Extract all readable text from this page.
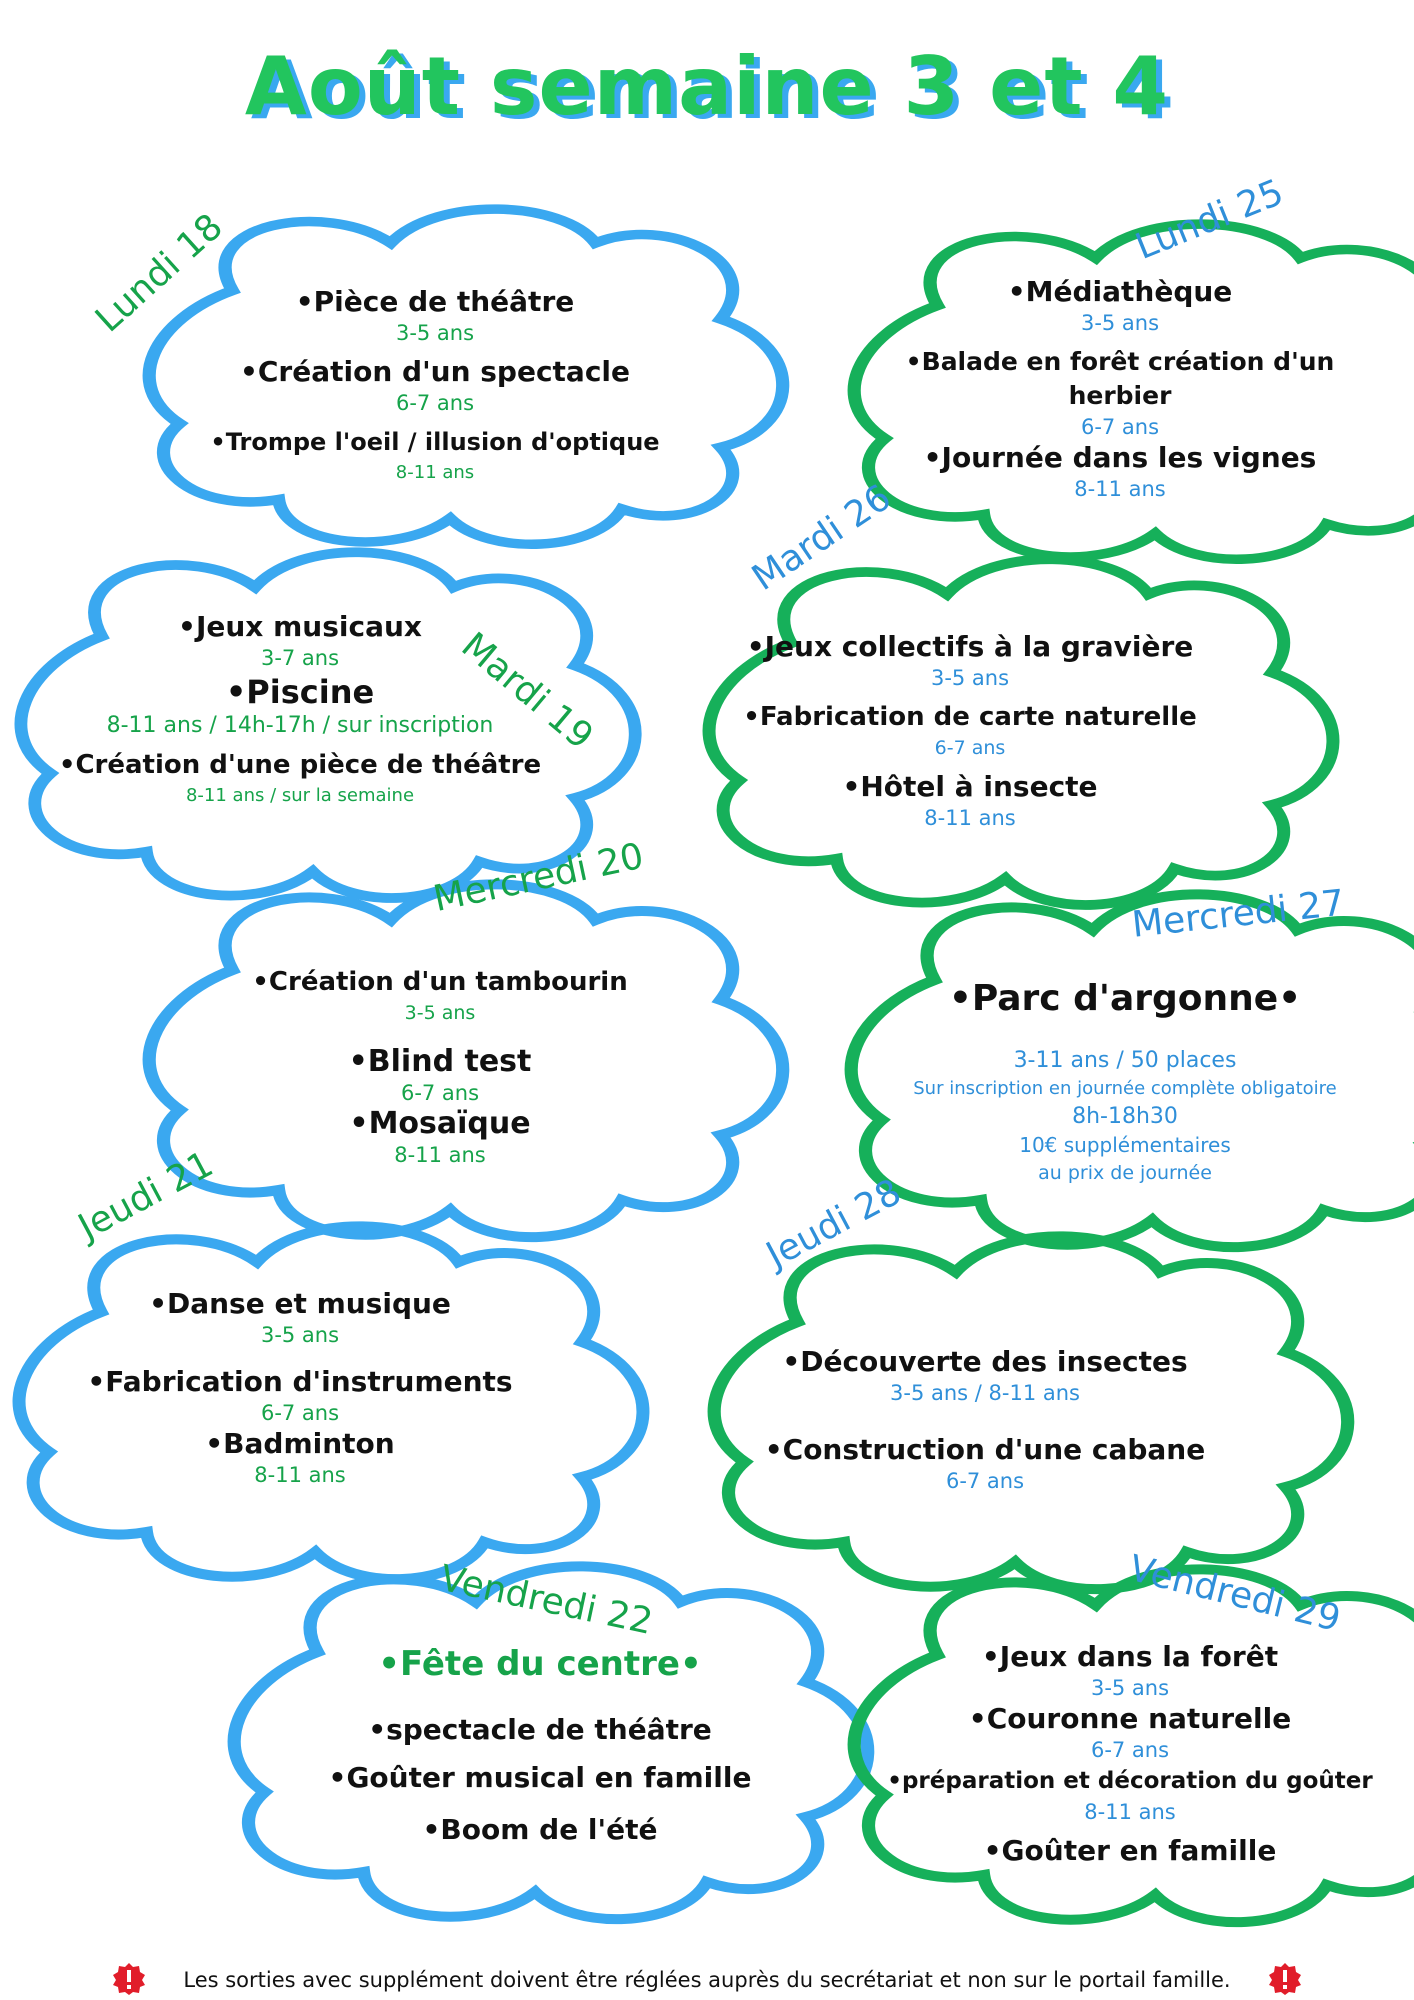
Août semaine 3 et 4
Lundi 18
Mardi 19
Mercredi 20
Jeudi 21
Vendredi 22
Lundi 25
Mardi 26
Mercredi 27
Jeudi 28
Vendredi 29
•Pièce de théâtre
3-5 ans
•Création d'un spectacle
6-7 ans
•Trompe l'oeil / illusion d'optique
8-11 ans
•Jeux musicaux
3-7 ans
•Piscine
8-11 ans / 14h-17h / sur inscription
•Création d'une pièce de théâtre
8-11 ans / sur la semaine
•Création d'un tambourin
3-5 ans
•Blind test
6-7 ans
•Mosaïque
8-11 ans
•Danse et musique
3-5 ans
•Fabrication d'instruments
6-7 ans
•Badminton
8-11 ans
•Fête du centre•
•spectacle de théâtre
•Goûter musical en famille
•Boom de l'été
•Médiathèque
3-5 ans
•Balade en forêt création d'un herbier
6-7 ans
•Journée dans les vignes
8-11 ans
•Jeux collectifs à la gravière
3-5 ans
•Fabrication de carte naturelle
6-7 ans
•Hôtel à insecte
8-11 ans
•Parc d'argonne•
3-11 ans / 50 places
Sur inscription en journée complète obligatoire
8h-18h30
10€ supplémentaires
au prix de journée
•Découverte des insectes
3-5 ans / 8-11 ans
•Construction d'une cabane
6-7 ans
•Jeux dans la forêt
3-5 ans
•Couronne naturelle
6-7 ans
•préparation et décoration du goûter
8-11 ans
•Goûter en famille
Les sorties avec supplément doivent être réglées auprès du secrétariat et non sur le portail famille.
